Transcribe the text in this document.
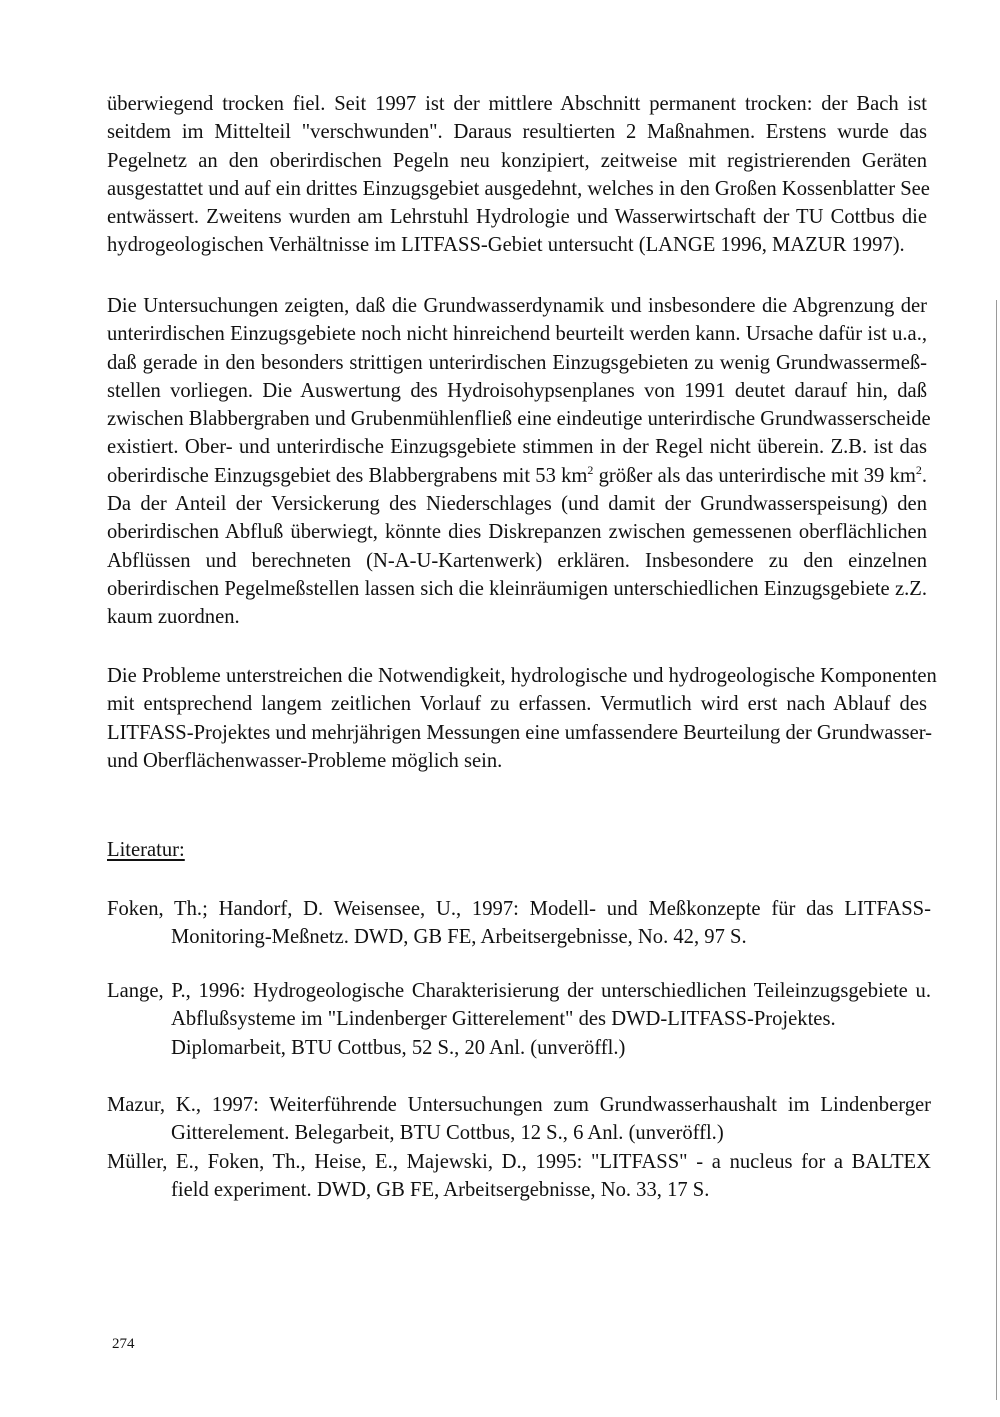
überwiegend trocken fiel. Seit 1997 ist der mittlere Abschnitt permanent trocken: der Bach ist
seitdem im Mittelteil "verschwunden". Daraus resultierten 2 Maßnahmen. Erstens wurde das
Pegelnetz an den oberirdischen Pegeln neu konzipiert, zeitweise mit registrierenden Geräten
ausgestattet und auf ein drittes Einzugsgebiet ausgedehnt, welches in den Großen Kossenblatter See
entwässert. Zweitens wurden am Lehrstuhl Hydrologie und Wasserwirtschaft der TU Cottbus die
hydrogeologischen Verhältnisse im LITFASS-Gebiet untersucht (LANGE 1996, MAZUR 1997).
Die Untersuchungen zeigten, daß die Grundwasserdynamik und insbesondere die Abgrenzung der
unterirdischen Einzugsgebiete noch nicht hinreichend beurteilt werden kann. Ursache dafür ist u.a.,
daß gerade in den besonders strittigen unterirdischen Einzugsgebieten zu wenig Grundwassermeß-
stellen vorliegen. Die Auswertung des Hydroisohypsenplanes von 1991 deutet darauf hin, daß
zwischen Blabbergraben und Grubenmühlenfließ eine eindeutige unterirdische Grundwasserscheide
existiert. Ober- und unterirdische Einzugsgebiete stimmen in der Regel nicht überein. Z.B. ist das
oberirdische Einzugsgebiet des Blabbergrabens mit 53 $km^2$ größer als das unterirdische mit 39 $km^2$.
Da der Anteil der Versickerung des Niederschlages (und damit der Grundwasserspeisung) den
oberirdischen Abfluß überwiegt, könnte dies Diskrepanzen zwischen gemessenen oberflächlichen
Abflüssen und berechneten (N-A-U-Kartenwerk) erklären. Insbesondere zu den einzelnen
oberirdischen Pegelmeßstellen lassen sich die kleinräumigen unterschiedlichen Einzugsgebiete z.Z.
kaum zuordnen.
Die Probleme unterstreichen die Notwendigkeit, hydrologische und hydrogeologische Komponenten
mit entsprechend langem zeitlichen Vorlauf zu erfassen. Vermutlich wird erst nach Ablauf des
LITFASS-Projektes und mehrjährigen Messungen eine umfassendere Beurteilung der Grundwasser-
und Oberflächenwasser-Probleme möglich sein.

Literatur:

Foken, Th.; Handorf, D. Weisensee, U., 1997: Modell- und Meßkonzepte für das LITFASS-
Monitoring-Meßnetz. DWD, GB FE, Arbeitsergebnisse, No. 42, 97 S.
Lange, P., 1996: Hydrogeologische Charakterisierung der unterschiedlichen Teileinzugsgebiete u.
Abflußsysteme im "Lindenberger Gitterelement" des DWD-LITFASS-Projektes.
Diplomarbeit, BTU Cottbus, 52 S., 20 Anl. (unveröffl.)
Mazur, K., 1997: Weiterführende Untersuchungen zum Grundwasserhaushalt im Lindenberger
Gitterelement. Belegarbeit, BTU Cottbus, 12 S., 6 Anl. (unveröffl.)
Müller, E., Foken, Th., Heise, E., Majewski, D., 1995: "LITFASS" - a nucleus for a BALTEX
field experiment. DWD, GB FE, Arbeitsergebnisse, No. 33, 17 S.

274
